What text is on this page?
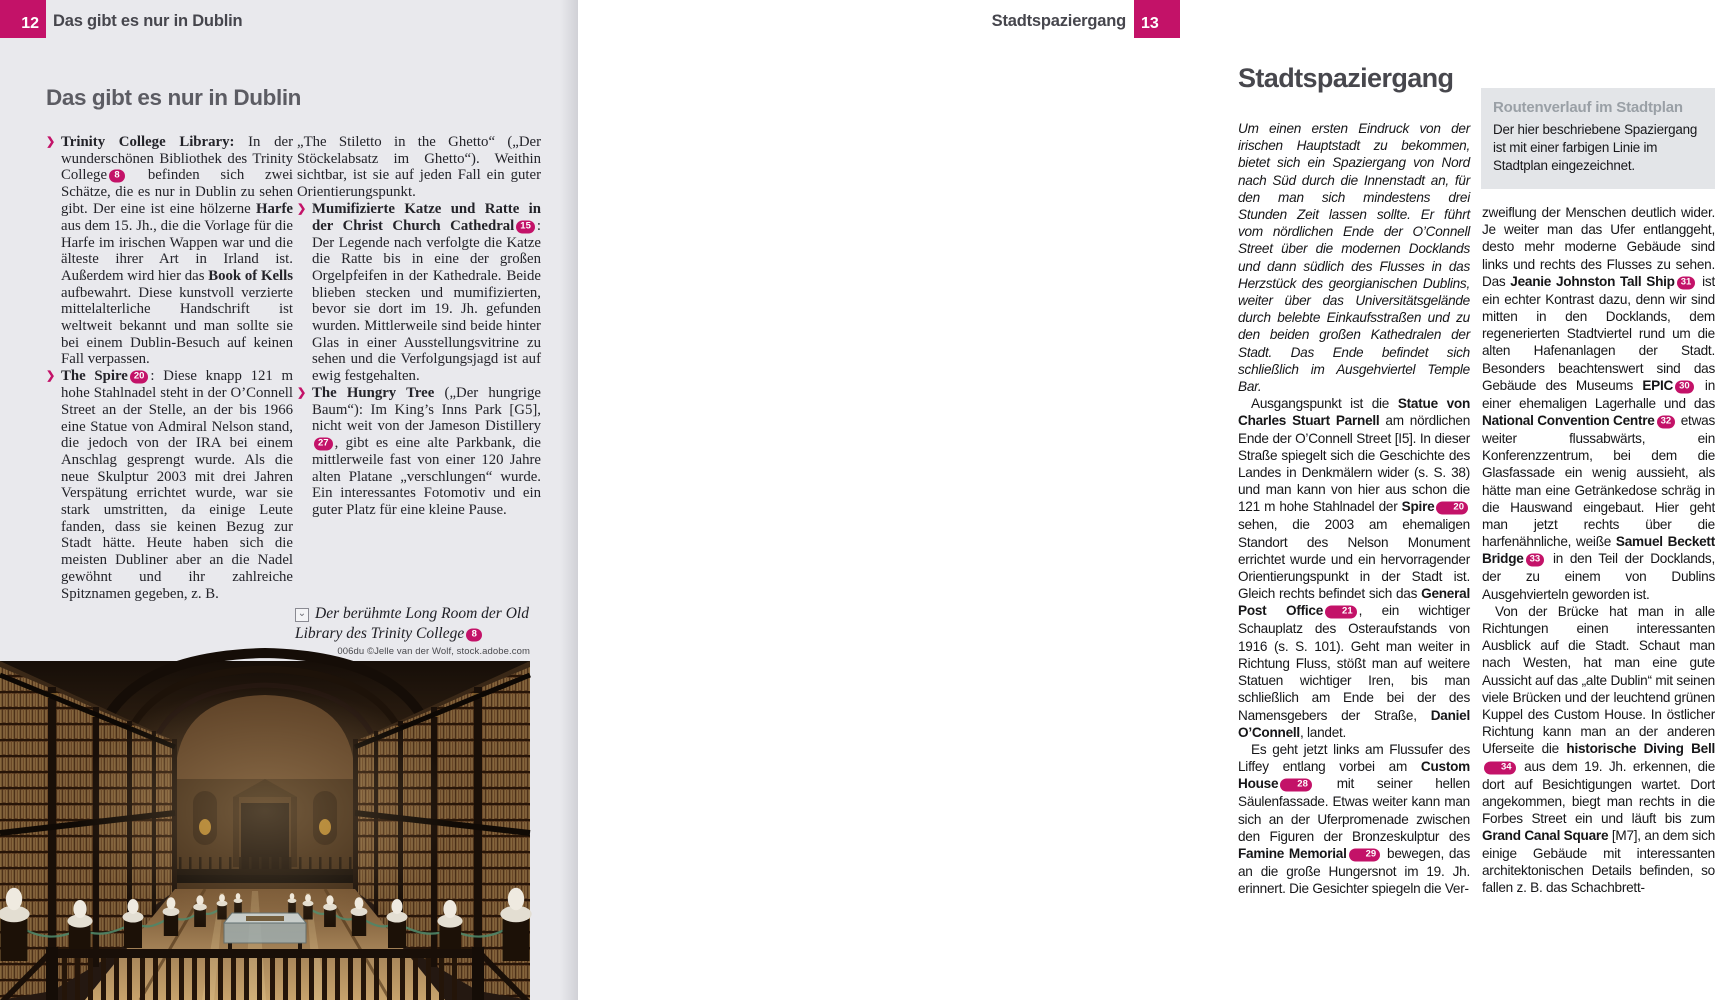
12 Das gibt es nur in Dublin
Das gibt es nur in Dublin

❯ Trinity College Library: In der wunderschönen Bibliothek des Trinity College 8 befinden sich zwei Schätze, die es nur in Dublin zu sehen gibt. Der eine ist eine hölzerne Harfe aus dem 15. Jh., die die Vorlage für die Harfe im irischen Wappen war und die älteste ihrer Art in Irland ist. Außerdem wird hier das Book of Kells aufbewahrt. Diese kunstvoll verzierte mittelalterliche Handschrift ist weltweit bekannt und man sollte sie bei einem Dublin-Besuch auf keinen Fall verpassen.

❯ The Spire 20 : Diese knapp 121 m hohe Stahlnadel steht in der O’Connell Street an der Stelle, an der bis 1966 eine Statue von Admiral Nelson stand, die jedoch von der IRA bei einem Anschlag gesprengt wurde. Als die neue Skulptur 2003 mit drei Jahren Verspätung errichtet wurde, war sie stark umstritten, da einige Leute fanden, dass sie keinen Bezug zur Stadt hätte. Heute haben sich die meisten Dubliner aber an die Nadel gewöhnt und ihr zahlreiche Spitznamen gegeben, z. B.

„The Stiletto in the Ghetto“ („Der Stöckelabsatz im Ghetto“). Weithin sichtbar, ist sie auf jeden Fall ein guter Orientierungspunkt.

❯ Mumifizierte Katze und Ratte in der Christ Church Cathedral 15 : Der Legende nach verfolgte die Katze die Ratte bis in eine der großen Orgelpfeifen in der Kathedrale. Beide blieben stecken und mumifizierten, bevor sie dort im 19. Jh. gefunden wurden. Mittlerweile sind beide hinter Glas in einer Ausstellungsvitrine zu sehen und die Verfolgungsjagd ist auf ewig festgehalten.

❯ The Hungry Tree („Der hungrige Baum“): Im King’s Inns Park [G5], nicht weit von der Jameson Distillery27 , gibt es eine alte Parkbank, die mittlerweile fast von einer 120 Jahre alten Platane „verschlungen“ wurde. Ein interessantes Fotomotiv und ein guter Platz für eine kleine Pause.

⌄ Der berühmte Long Room der Old Library des Trinity College 8
006du ©Jelle van der Wolf, stock.adobe.com
Stadtspaziergang

Routenverlauf im Stadtplan

Der hier beschriebene Spaziergang ist mit einer farbigen Linie im Stadtplan eingezeichnet.

Um einen ersten Eindruck von der irischen Hauptstadt zu bekommen, bietet sich ein Spaziergang von Nord nach Süd durch die Innenstadt an, für den man sich mindestens drei Stunden Zeit lassen sollte. Er führt vom nördlichen Ende der O’Connell Street über die modernen Docklands und dann südlich des Flusses in das Herzstück des georgianischen Dublins, weiter über das Universitätsgelände durch belebte Einkaufsstraßen und zu den beiden großen Kathedralen der Stadt. Das Ende befindet sich schließlich im Ausgehviertel Temple Bar.

Ausgangspunkt ist die Statue von Charles Stuart Parnell am nördlichen Ende der O’Connell Street [I5]. In dieser Straße spiegelt sich die Geschichte des Landes in Denkmälern wider (s. S. 38) und man kann von hier aus schon die 121 m hohe Stahlnadel der Spire 20 sehen, die 2003 am ehemaligen Standort des Nelson Monument errichtet wurde und ein hervorragender Orientierungspunkt in der Stadt ist. Gleich rechts befindet sich das General Post Office 21 , ein wichtiger Schauplatz des Osteraufstands von 1916 (s. S. 101). Geht man weiter in Richtung Fluss, stößt man auf weitere Statuen wichtiger Iren, bis man schließlich am Ende bei der des Namensgebers der Straße, Daniel O’Connell, landet.

Es geht jetzt links am Flussufer des Liffey entlang vorbei am Custom House 28 mit seiner hellen Säulenfassade. Etwas weiter kann man sich an der Uferpromenade zwischen den Figuren der Bronzeskulptur des Famine Memorial 29 bewegen, das an die große Hungersnot im 19. Jh. erinnert. Die Gesichter spiegeln die Ver-

zweiflung der Menschen deutlich wider. Je weiter man das Ufer entlanggeht, desto mehr moderne Gebäude sind links und rechts des Flusses zu sehen. Das Jeanie Johnston Tall Ship 31 ist ein echter Kontrast dazu, denn wir sind mitten in den Docklands, dem regenerierten Stadtviertel rund um die alten Hafenanlagen der Stadt. Besonders beachtenswert sind das Gebäude des Museums EPIC 30 in einer ehemaligen Lagerhalle und das National Convention Centre 32 etwas weiter flussabwärts, ein Konferenzzentrum, bei dem die Glasfassade ein wenig aussieht, als hätte man eine Getränkedose schräg in die Hauswand eingebaut. Hier geht man jetzt rechts über die harfenähnliche, weiße Samuel Beckett Bridge 33 in den Teil der Docklands, der zu einem von Dublins Ausgehvierteln geworden ist.

Von der Brücke hat man in alle Richtungen einen interessanten Ausblick auf die Stadt. Schaut man nach Westen, hat man eine gute Aussicht auf das „alte Dublin“ mit seinen viele Brücken und der leuchtend grünen Kuppel des Custom House. In östlicher Richtung kann man an der anderen Uferseite die historische Diving Bell34 aus dem 19. Jh. erkennen, die dort auf Besichtigungen wartet. Dort angekommen, biegt man rechts in die Forbes Street ein und läuft bis zum Grand Canal Square [M7], an dem sich einige Gebäude mit interessanten architektonischen Details befinden, so fallen z. B. das Schachbrett-

Stadtspaziergang 13
